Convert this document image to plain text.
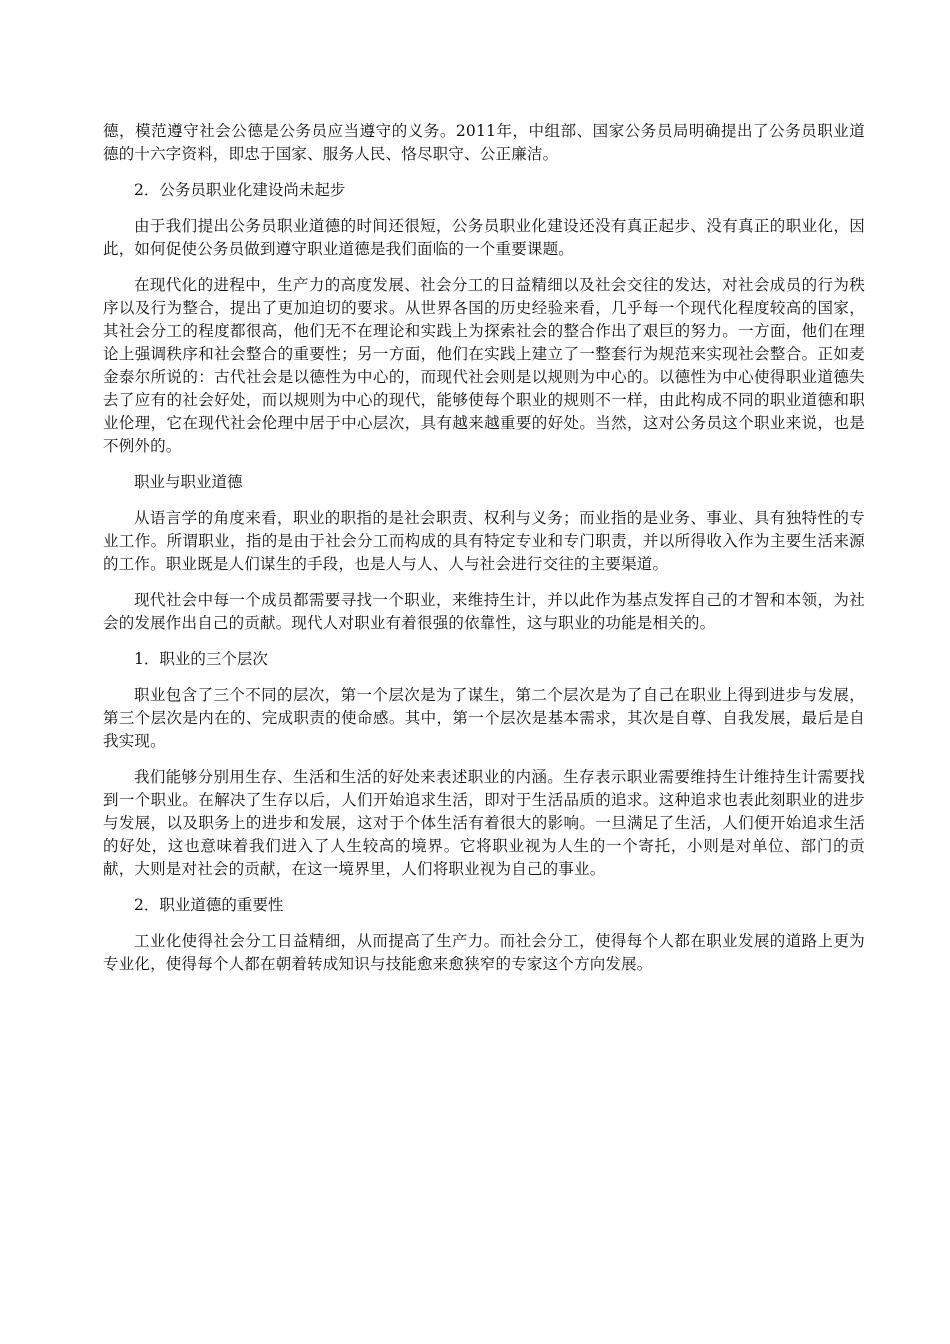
德，模范遵守社会公德是公务员应当遵守的义务。2011年，中组部、国家公务员局明确提出了公务员职业道德的十六字资料，即忠于国家、服务人民、恪尽职守、公正廉洁。

2．公务员职业化建设尚未起步

由于我们提出公务员职业道德的时间还很短，公务员职业化建设还没有真正起步、没有真正的职业化，因此，如何促使公务员做到遵守职业道德是我们面临的一个重要课题。

在现代化的进程中，生产力的高度发展、社会分工的日益精细以及社会交往的发达，对社会成员的行为秩序以及行为整合，提出了更加迫切的要求。从世界各国的历史经验来看，几乎每一个现代化程度较高的国家，其社会分工的程度都很高，他们无不在理论和实践上为探索社会的整合作出了艰巨的努力。一方面，他们在理论上强调秩序和社会整合的重要性；另一方面，他们在实践上建立了一整套行为规范来实现社会整合。正如麦金泰尔所说的：古代社会是以德性为中心的，而现代社会则是以规则为中心的。以德性为中心使得职业道德失去了应有的社会好处，而以规则为中心的现代，能够使每个职业的规则不一样，由此构成不同的职业道德和职业伦理，它在现代社会伦理中居于中心层次，具有越来越重要的好处。当然，这对公务员这个职业来说，也是不例外的。

职业与职业道德

从语言学的角度来看，职业的职指的是社会职责、权利与义务；而业指的是业务、事业、具有独特性的专业工作。所谓职业，指的是由于社会分工而构成的具有特定专业和专门职责，并以所得收入作为主要生活来源的工作。职业既是人们谋生的手段，也是人与人、人与社会进行交往的主要渠道。

现代社会中每一个成员都需要寻找一个职业，来维持生计，并以此作为基点发挥自己的才智和本领，为社会的发展作出自己的贡献。现代人对职业有着很强的依靠性，这与职业的功能是相关的。

1．职业的三个层次

职业包含了三个不同的层次，第一个层次是为了谋生，第二个层次是为了自己在职业上得到进步与发展，第三个层次是内在的、完成职责的使命感。其中，第一个层次是基本需求，其次是自尊、自我发展，最后是自我实现。

我们能够分别用生存、生活和生活的好处来表述职业的内涵。生存表示职业需要维持生计维持生计需要找到一个职业。在解决了生存以后，人们开始追求生活，即对于生活品质的追求。这种追求也表此刻职业的进步与发展，以及职务上的进步和发展，这对于个体生活有着很大的影响。一旦满足了生活，人们便开始追求生活的好处，这也意味着我们进入了人生较高的境界。它将职业视为人生的一个寄托，小则是对单位、部门的贡献，大则是对社会的贡献，在这一境界里，人们将职业视为自己的事业。

2．职业道德的重要性

工业化使得社会分工日益精细，从而提高了生产力。而社会分工，使得每个人都在职业发展的道路上更为专业化，使得每个人都在朝着转成知识与技能愈来愈狭窄的专家这个方向发展。
